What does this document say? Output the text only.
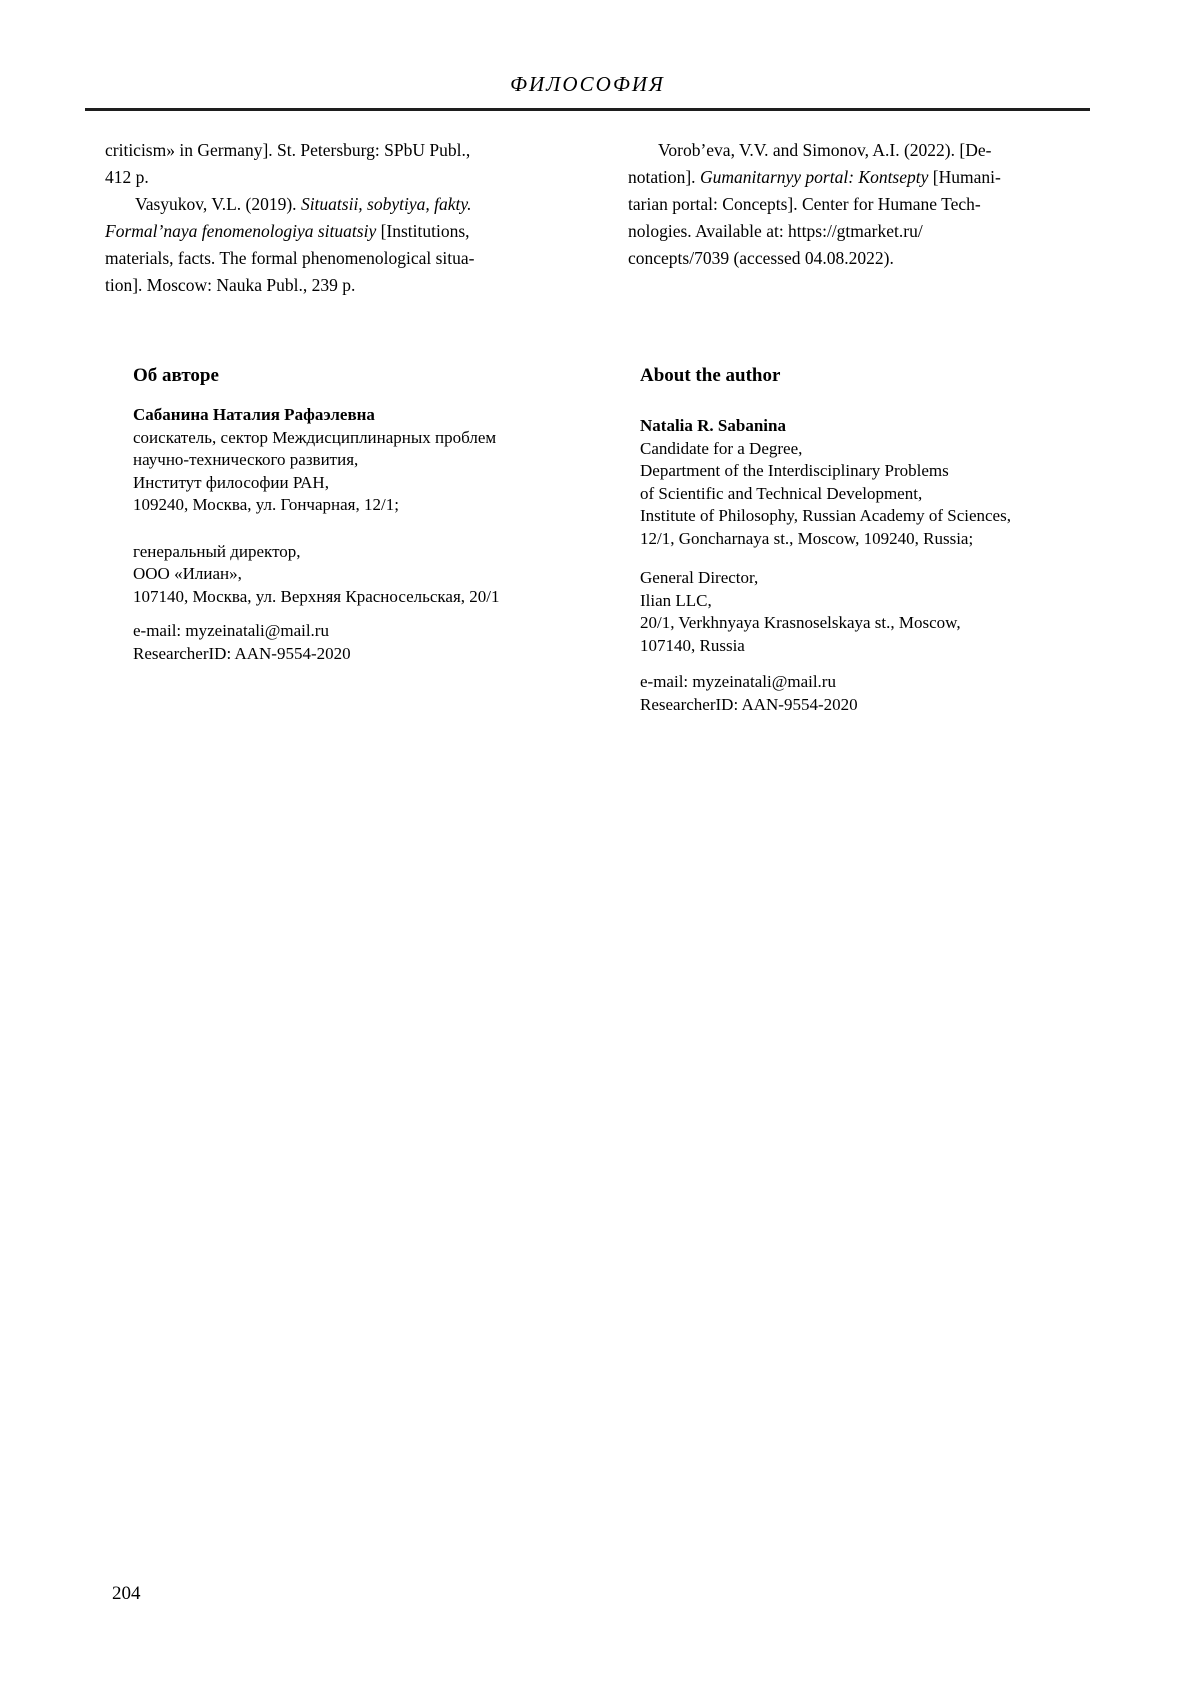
ФИЛОСОФИЯ
criticism» in Germany]. St. Petersburg: SPbU Publ.,
412 p.
Vasyukov, V.L. (2019). Situatsii, sobytiya, fakty.
Formal’naya fenomenologiya situatsiy [Institutions,
materials, facts. The formal phenomenological situa-
tion]. Moscow: Nauka Publ., 239 p.
Vorob’eva, V.V. and Simonov, A.I. (2022). [De-
notation]. Gumanitarnyy portal: Kontsepty [Humani-
tarian portal: Concepts]. Center for Humane Tech-
nologies. Available at: https://gtmarket.ru/
concepts/7039 (accessed 04.08.2022).
Об авторе
Сабанина Наталия Рафаэлевна
соискатель, сектор Междисциплинарных проблем
научно-технического развития,
Институт философии РАН,
109240, Москва, ул. Гончарная, 12/1;
генеральный директор,
ООО «Илиан»,
107140, Москва, ул. Верхняя Красносельская, 20/1
e-mail: myzeinatali@mail.ru
ResearcherID: AAN-9554-2020
About the author
Natalia R. Sabanina
Candidate for a Degree,
Department of the Interdisciplinary Problems
of Scientific and Technical Development,
Institute of Philosophy, Russian Academy of Sciences,
12/1, Goncharnaya st., Moscow, 109240, Russia;
General Director,
Ilian LLC,
20/1, Verkhnyaya Krasnoselskaya st., Moscow,
107140, Russia
e-mail: myzeinatali@mail.ru
ResearcherID: AAN-9554-2020
204
